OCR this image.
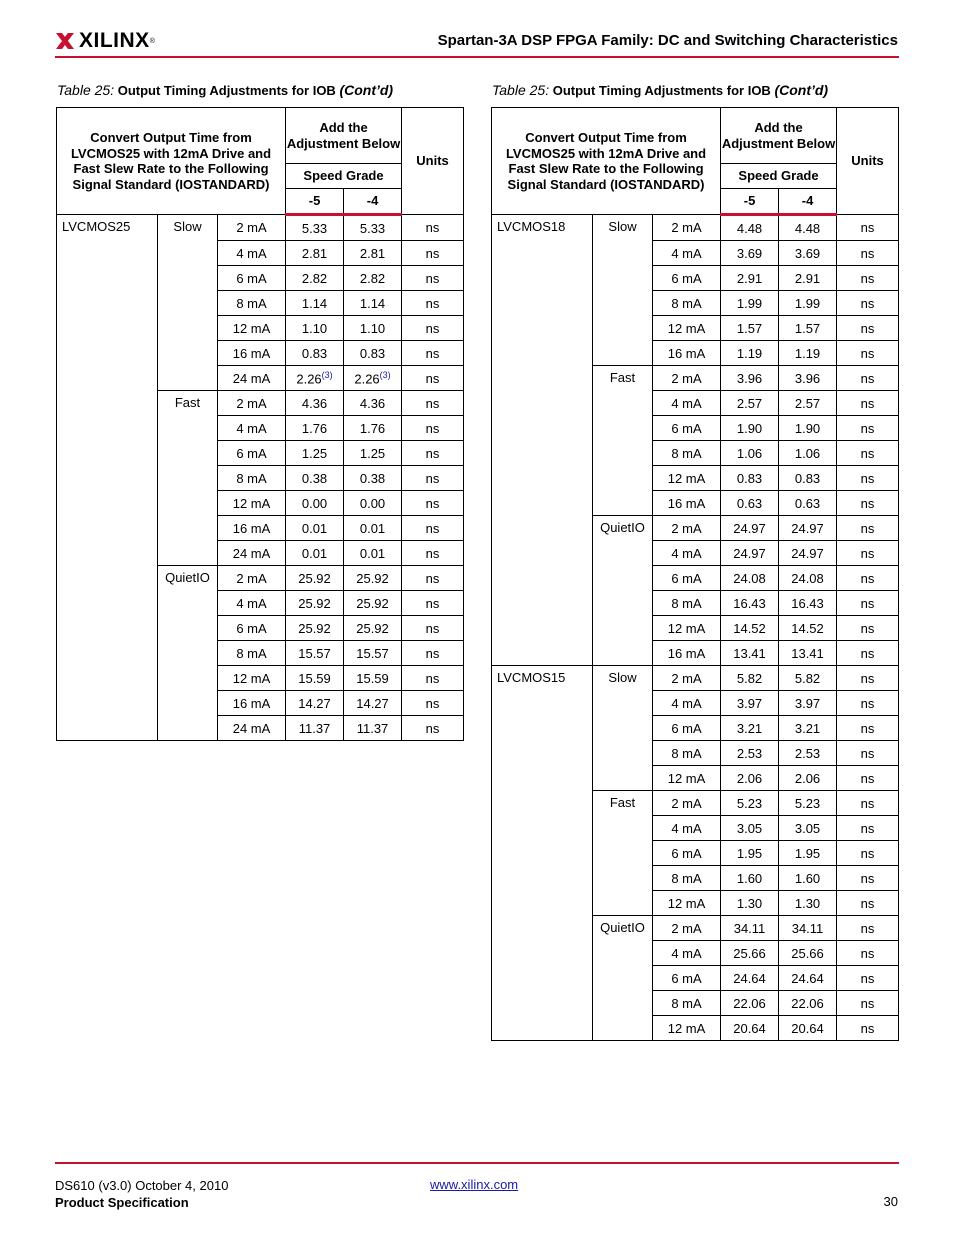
XILINX ®	Spartan-3A DSP FPGA Family: DC and Switching Characteristics
Table 25: Output Timing Adjustments for IOB (Cont’d)	Table 25: Output Timing Adjustments for IOB (Cont’d)
Convert Output Time from LVCMOS25 with 12mA Drive and Fast Slew Rate to the Following Signal Standard (IOSTANDARD)			Add the Adjustment Below		Units
			Speed Grade		
			-5	-4	
LVCMOS25	Slow	2 mA	5.33	5.33	ns
		4 mA	2.81	2.81	ns
		6 mA	2.82	2.82	ns
		8 mA	1.14	1.14	ns
		12 mA	1.10	1.10	ns
		16 mA	0.83	0.83	ns
		24 mA	2.26$^{(3)}$	2.26$^{(3)}$	ns
	Fast	2 mA	4.36	4.36	ns
		4 mA	1.76	1.76	ns
		6 mA	1.25	1.25	ns
		8 mA	0.38	0.38	ns
		12 mA	0.00	0.00	ns
		16 mA	0.01	0.01	ns
		24 mA	0.01	0.01	ns
	QuietIO	2 mA	25.92	25.92	ns
		4 mA	25.92	25.92	ns
		6 mA	25.92	25.92	ns
		8 mA	15.57	15.57	ns
		12 mA	15.59	15.59	ns
		16 mA	14.27	14.27	ns
		24 mA	11.37	11.37	ns
Convert Output Time from LVCMOS25 with 12mA Drive and Fast Slew Rate to the Following Signal Standard (IOSTANDARD)			Add the Adjustment Below		Units
			Speed Grade		
			-5	-4	
LVCMOS18	Slow	2 mA	4.48	4.48	ns
		4 mA	3.69	3.69	ns
		6 mA	2.91	2.91	ns
		8 mA	1.99	1.99	ns
		12 mA	1.57	1.57	ns
		16 mA	1.19	1.19	ns
	Fast	2 mA	3.96	3.96	ns
		4 mA	2.57	2.57	ns
		6 mA	1.90	1.90	ns
		8 mA	1.06	1.06	ns
		12 mA	0.83	0.83	ns
		16 mA	0.63	0.63	ns
	QuietIO	2 mA	24.97	24.97	ns
		4 mA	24.97	24.97	ns
		6 mA	24.08	24.08	ns
		8 mA	16.43	16.43	ns
		12 mA	14.52	14.52	ns
		16 mA	13.41	13.41	ns
LVCMOS15	Slow	2 mA	5.82	5.82	ns
		4 mA	3.97	3.97	ns
		6 mA	3.21	3.21	ns
		8 mA	2.53	2.53	ns
		12 mA	2.06	2.06	ns
	Fast	2 mA	5.23	5.23	ns
		4 mA	3.05	3.05	ns
		6 mA	1.95	1.95	ns
		8 mA	1.60	1.60	ns
		12 mA	1.30	1.30	ns
	QuietIO	2 mA	34.11	34.11	ns
		4 mA	25.66	25.66	ns
		6 mA	24.64	24.64	ns
		8 mA	22.06	22.06	ns
		12 mA	20.64	20.64	ns
DS610 (v3.0) October 4, 2010
Product Specification
www.xilinx.com
30
